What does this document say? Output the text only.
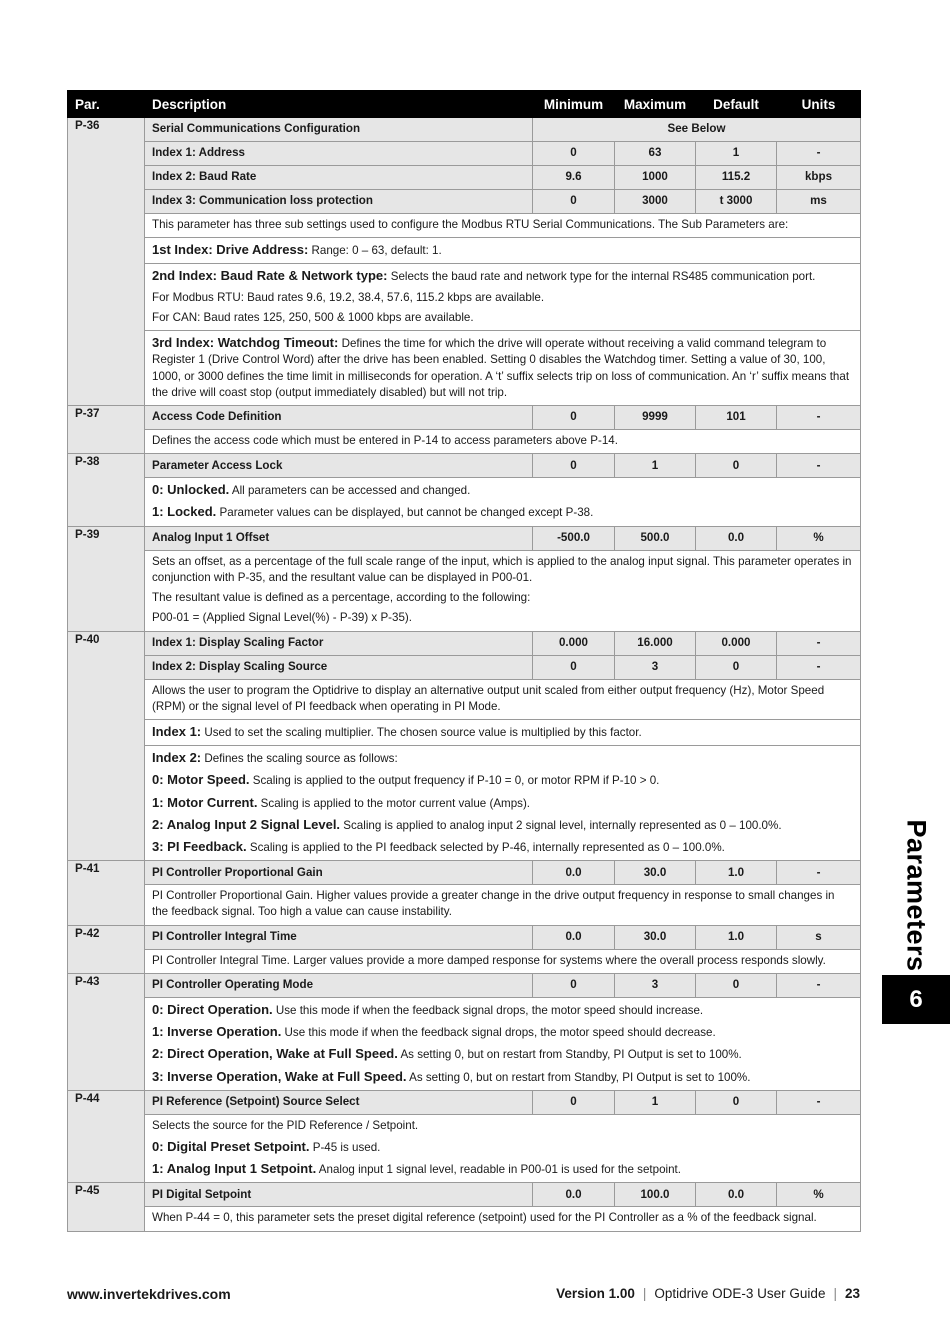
Par.	Description	Minimum	Maximum	Default	Units
P-36	Serial Communications Configuration	See Below			
	Index 1: Address	0	63	1	-
	Index 2: Baud Rate	9.6	1000	115.2	kbps
	Index 3: Communication loss protection	0	3000	t 3000	ms

	This parameter has three sub settings used to configure the Modbus RTU Serial Communications. The Sub Parameters are:				

	1st Index: Drive Address: Range: 0 – 63, default: 1.				

	2nd Index: Baud Rate & Network type: Selects the baud rate and network type for the internal RS485 communication port.

For Modbus RTU: Baud rates 9.6, 19.2, 38.4, 57.6, 115.2 kbps are available.

For CAN: Baud rates 125, 250, 500 & 1000 kbps are available.				

	3rd Index: Watchdog Timeout: Defines the time for which the drive will operate without receiving a valid command telegram to Register 1 (Drive Control Word) after the drive has been enabled. Setting 0 disables the Watchdog timer. Setting a value of 30, 100, 1000, or 3000 defines the time limit in milliseconds for operation. A ‘t’ suffix selects trip on loss of communication. An ‘r’ suffix means that the drive will coast stop (output immediately disabled) but will not trip.				

P-37	Access Code Definition	0	9999	101	-

	Defines the access code which must be entered in P-14 to access parameters above P-14.				

P-38	Parameter Access Lock	0	1	0	-

	0: Unlocked. All parameters can be accessed and changed.

1: Locked. Parameter values can be displayed, but cannot be changed except P-38.				

P-39	Analog Input 1 Offset	-500.0	500.0	0.0	%

	Sets an offset, as a percentage of the full scale range of the input, which is applied to the analog input signal. This parameter operates in conjunction with P-35, and the resultant value can be displayed in P00-01.

The resultant value is defined as a percentage, according to the following:

P00-01 = (Applied Signal Level(%) - P-39) x P-35).				

P-40	Index 1: Display Scaling Factor	0.000	16.000	0.000	-
	Index 2: Display Scaling Source	0	3	0	-

	Allows the user to program the Optidrive to display an alternative output unit scaled from either output frequency (Hz), Motor Speed (RPM) or the signal level of PI feedback when operating in PI Mode.				

	Index 1: Used to set the scaling multiplier. The chosen source value is multiplied by this factor.				

	Index 2: Defines the scaling source as follows:

0: Motor Speed. Scaling is applied to the output frequency if P-10 = 0, or motor RPM if P-10 > 0.

1: Motor Current. Scaling is applied to the motor current value (Amps).

2: Analog Input 2 Signal Level. Scaling is applied to analog input 2 signal level, internally represented as 0 – 100.0%.

3: PI Feedback. Scaling is applied to the PI feedback selected by P-46, internally represented as 0 – 100.0%.				

P-41	PI Controller Proportional Gain	0.0	30.0	1.0	-

	PI Controller Proportional Gain. Higher values provide a greater change in the drive output frequency in response to small changes in the feedback signal. Too high a value can cause instability.				

P-42	PI Controller Integral Time	0.0	30.0	1.0	s

	PI Controller Integral Time. Larger values provide a more damped response for systems where the overall process responds slowly.				

P-43	PI Controller Operating Mode	0	3	0	-

	0: Direct Operation. Use this mode if when the feedback signal drops, the motor speed should increase.

1: Inverse Operation. Use this mode if when the feedback signal drops, the motor speed should decrease.

2: Direct Operation, Wake at Full Speed. As setting 0, but on restart from Standby, PI Output is set to 100%.

3: Inverse Operation, Wake at Full Speed. As setting 0, but on restart from Standby, PI Output is set to 100%.				

P-44	PI Reference (Setpoint) Source Select	0	1	0	-

	Selects the source for the PID Reference / Setpoint.

0: Digital Preset Setpoint. P-45 is used.

1: Analog Input 1 Setpoint. Analog input 1 signal level, readable in P00-01 is used for the setpoint.				

P-45	PI Digital Setpoint	0.0	100.0	0.0	%

	When P-44 = 0, this parameter sets the preset digital reference (setpoint) used for the PI Controller as a % of the feedback signal.				

Parameters
6
www.invertekdrives.com	Version 1.00 | Optidrive ODE-3 User Guide | 23
